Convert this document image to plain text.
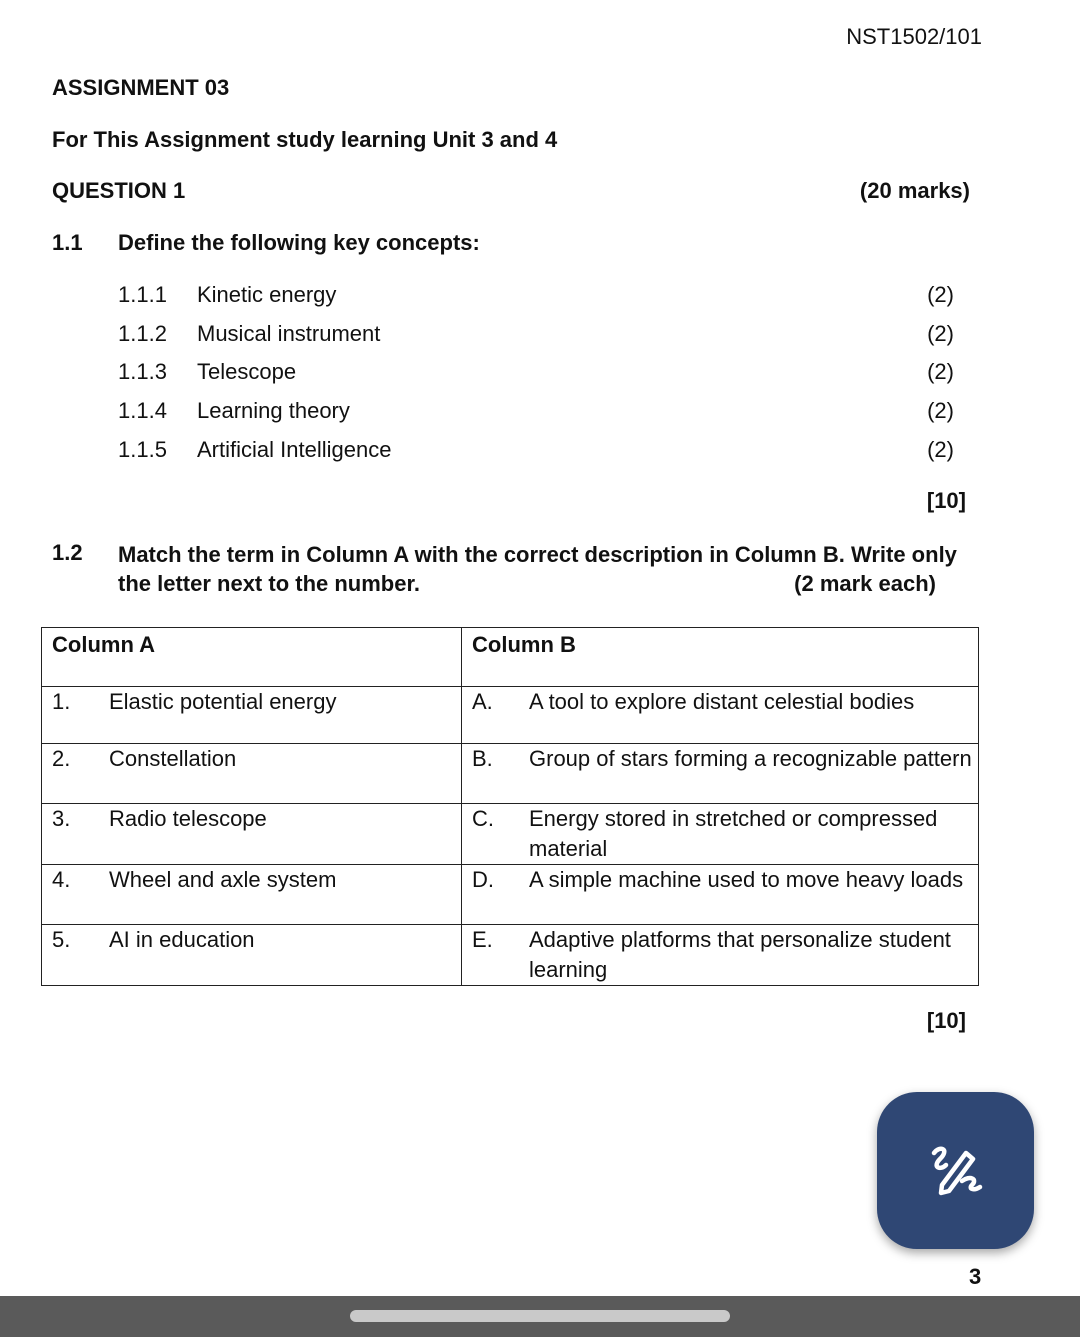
NST1502/101
ASSIGNMENT 03
For This Assignment study learning Unit 3 and 4
QUESTION 1	(20 marks)
1.1 Define the following key concepts:
1.1.1 Kinetic energy	(2)
1.1.2 Musical instrument	(2)
1.1.3 Telescope	(2)
1.1.4 Learning theory	(2)
1.1.5 Artificial Intelligence	(2)
[10]
1.2 Match the term in Column A with the correct description in Column B. Write only
the letter next to the number.	(2 mark each)
Column A	Column B

1. Elastic potential energy	A. A tool to explore distant celestial bodies

2. Constellation	B. Group of stars forming a recognizable pattern

3. Radio telescope	C. Energy stored in stretched or compressed material

4. Wheel and axle system	D. A simple machine used to move heavy loads

5. AI in education	E. Adaptive platforms that personalize student learning
[10]
3
